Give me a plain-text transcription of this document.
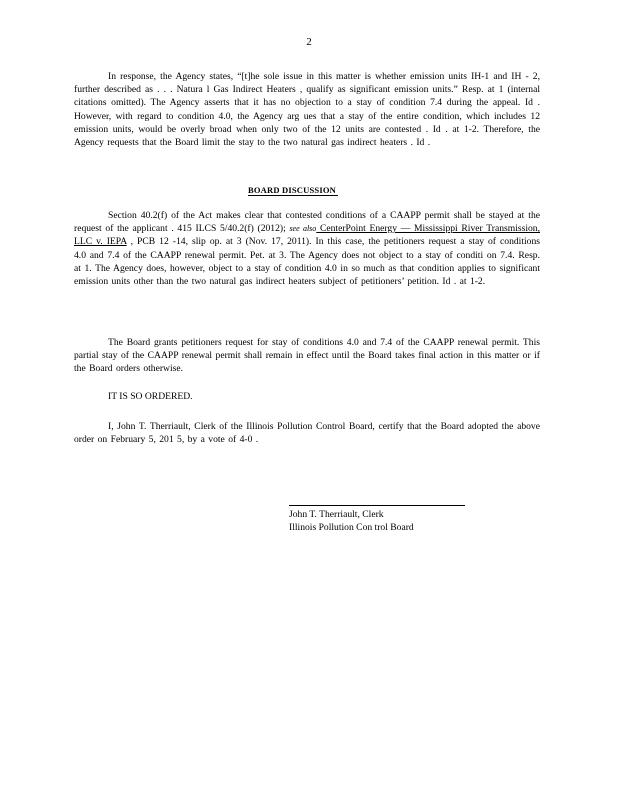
2

In response, the Agency states, “[t]he sole issue in this matter is whether emission units IH-1 and IH - 2, further described as . . . Natura l Gas Indirect Heaters , qualify as significant emission units.” Resp. at 1 (internal citations omitted). The Agency asserts that it has no objection to a stay of condition 7.4 during the appeal. Id . However, with regard to condition 4.0, the Agency arg ues that a stay of the entire condition, which includes 12 emission units, would be overly broad when only two of the 12 units are contested . Id . at 1-2. Therefore, the Agency requests that the Board limit the stay to the two natural gas indirect heaters . Id .

BOARD DISCUSSION

Section 40.2(f) of the Act makes clear that contested conditions of a CAAPP permit shall be stayed at the request of the applicant . 415 ILCS 5/40.2(f) (2012); see also CenterPoint Energy — Mississippi River Transmission, LLC v. IEPA , PCB 12 -14, slip op. at 3 (Nov. 17, 2011). In this case, the petitioners request a stay of conditions 4.0 and 7.4 of the CAAPP renewal permit. Pet. at 3. The Agency does not object to a stay of conditi on 7.4. Resp. at 1. The Agency does, however, object to a stay of condition 4.0 in so much as that condition applies to significant emission units other than the two natural gas indirect heaters subject of petitioners’ petition. Id . at 1-2.

The Board grants petitioners request for stay of conditions 4.0 and 7.4 of the CAAPP renewal permit. This partial stay of the CAAPP renewal permit shall remain in effect until the Board takes final action in this matter or if the Board orders otherwise.

IT IS SO ORDERED.

I, John T. Therriault, Clerk of the Illinois Pollution Control Board, certify that the Board adopted the above order on February 5, 201 5, by a vote of 4-0 .

John T. Therriault, Clerk
Illinois Pollution Con trol Board
